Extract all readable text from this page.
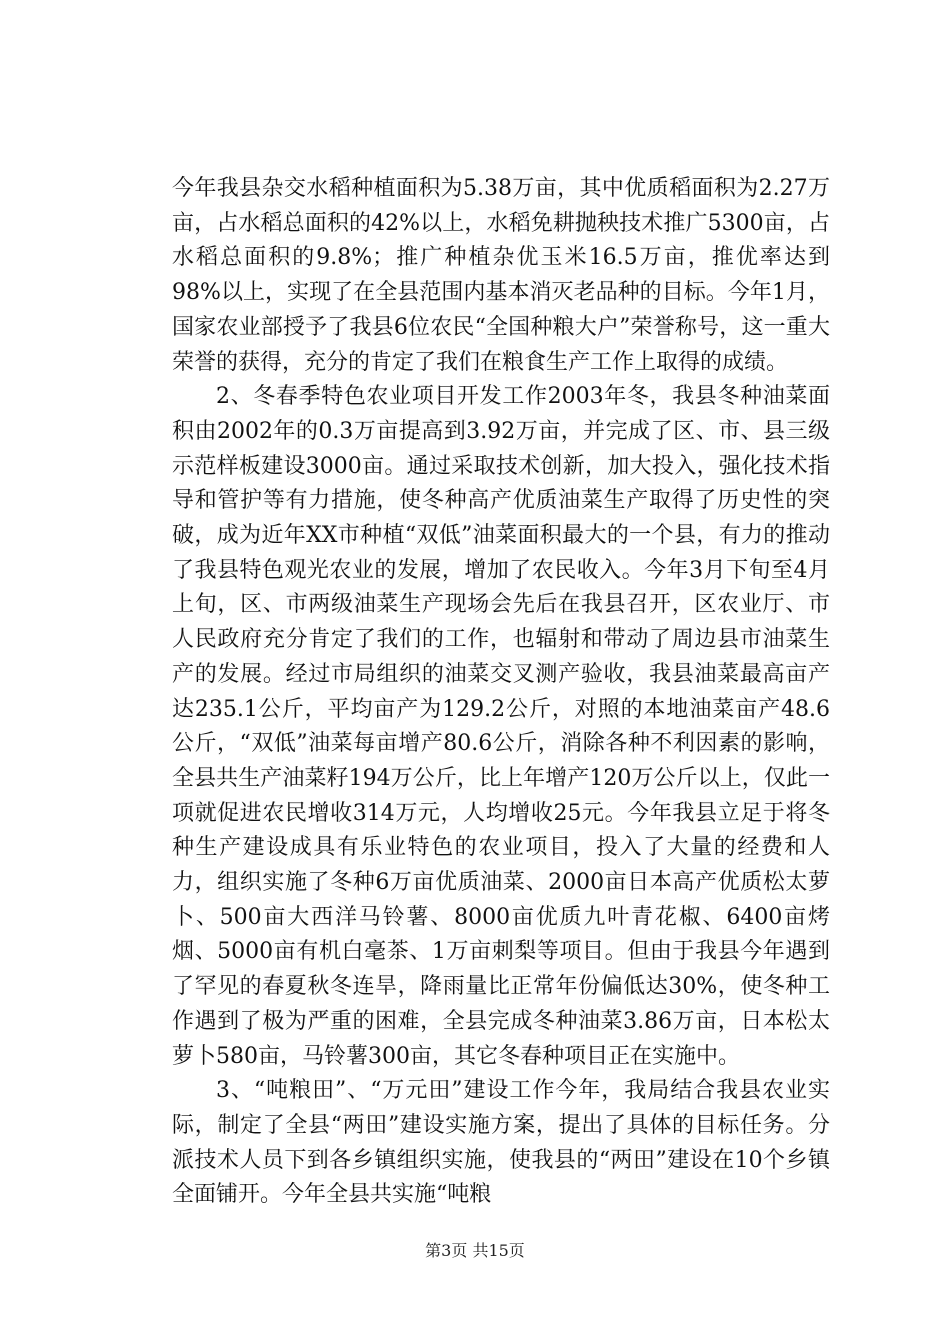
今年我县杂交水稻种植面积为5.38万亩，其中优质稻面积为2.27万亩，占水稻总面积的42%以上，水稻免耕抛秧技术推广5300亩，占水稻总面积的9.8%；推广种植杂优玉米16.5万亩，推优率达到98%以上，实现了在全县范围内基本消灭老品种的目标。今年1月，国家农业部授予了我县6位农民“全国种粮大户”荣誉称号，这一重大荣誉的获得，充分的肯定了我们在粮食生产工作上取得的成绩。

2、冬春季特色农业项目开发工作2003年冬，我县冬种油菜面积由2002年的0.3万亩提高到3.92万亩，并完成了区、市、县三级示范样板建设3000亩。通过采取技术创新，加大投入，强化技术指导和管护等有力措施，使冬种高产优质油菜生产取得了历史性的突破，成为近年XX市种植“双低”油菜面积最大的一个县，有力的推动了我县特色观光农业的发展，增加了农民收入。今年3月下旬至4月上旬，区、市两级油菜生产现场会先后在我县召开，区农业厅、市人民政府充分肯定了我们的工作，也辐射和带动了周边县市油菜生产的发展。经过市局组织的油菜交叉测产验收，我县油菜最高亩产达235.1公斤，平均亩产为129.2公斤，对照的本地油菜亩产48.6公斤，“双低”油菜每亩增产80.6公斤，消除各种不利因素的影响，全县共生产油菜籽194万公斤，比上年增产120万公斤以上，仅此一项就促进农民增收314万元，人均增收25元。今年我县立足于将冬种生产建设成具有乐业特色的农业项目，投入了大量的经费和人力，组织实施了冬种6万亩优质油菜、2000亩日本高产优质松太萝卜、500亩大西洋马铃薯、8000亩优质九叶青花椒、6400亩烤烟、5000亩有机白毫茶、1万亩刺梨等项目。但由于我县今年遇到了罕见的春夏秋冬连旱，降雨量比正常年份偏低达30%，使冬种工作遇到了极为严重的困难，全县完成冬种油菜3.86万亩，日本松太萝卜580亩，马铃薯300亩，其它冬春种项目正在实施中。

3、“吨粮田”、“万元田”建设工作今年，我局结合我县农业实际，制定了全县“两田”建设实施方案，提出了具体的目标任务。分派技术人员下到各乡镇组织实施，使我县的“两田”建设在10个乡镇全面铺开。今年全县共实施“吨粮

第3页 共15页
